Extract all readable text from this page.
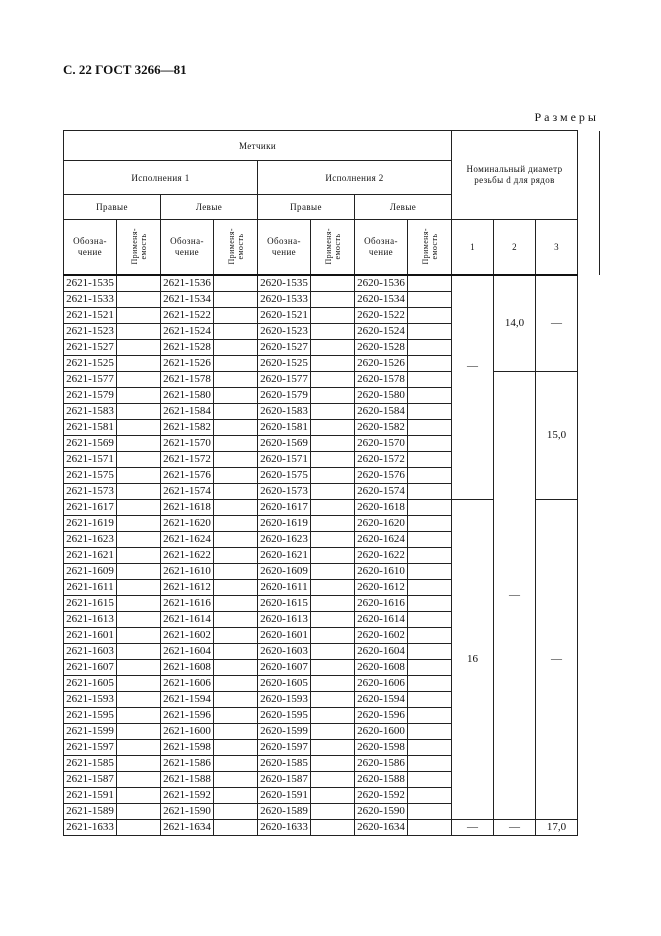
С. 22 ГОСТ 3266—81
Размеры
Метчики								Номинальный диаметр
резьбы d для рядов			
Исполнения 1				Исполнения 2							
Правые		Левые		Правые		Левые					
Обозна-
чение	Применя-
емость	Обозна-
чение	Применя-
емость	Обозна-
чение	Применя-
емость	Обозна-
чение	Применя-
емость	1	2	3	
2621-1535		2621-1536		2620-1535		2620-1536		—	14,0	—	
2621-1533		2621-1534		2620-1533		2620-1534					
2621-1521		2621-1522		2620-1521		2620-1522					
2621-1523		2621-1524		2620-1523		2620-1524					
2621-1527		2621-1528		2620-1527		2620-1528					
2621-1525		2621-1526		2620-1525		2620-1526					
2621-1577		2621-1578		2620-1577		2620-1578			—	15,0	
2621-1579		2621-1580		2620-1579		2620-1580					
2621-1583		2621-1584		2620-1583		2620-1584					
2621-1581		2621-1582		2620-1581		2620-1582					
2621-1569		2621-1570		2620-1569		2620-1570					
2621-1571		2621-1572		2620-1571		2620-1572					
2621-1575		2621-1576		2620-1575		2620-1576					
2621-1573		2621-1574		2620-1573		2620-1574					
2621-1617		2621-1618		2620-1617		2620-1618		16		—	
2621-1619		2621-1620		2620-1619		2620-1620					
2621-1623		2621-1624		2620-1623		2620-1624					
2621-1621		2621-1622		2620-1621		2620-1622					
2621-1609		2621-1610		2620-1609		2620-1610					
2621-1611		2621-1612		2620-1611		2620-1612					
2621-1615		2621-1616		2620-1615		2620-1616					
2621-1613		2621-1614		2620-1613		2620-1614					
2621-1601		2621-1602		2620-1601		2620-1602					
2621-1603		2621-1604		2620-1603		2620-1604					
2621-1607		2621-1608		2620-1607		2620-1608					
2621-1605		2621-1606		2620-1605		2620-1606					
2621-1593		2621-1594		2620-1593		2620-1594					
2621-1595		2621-1596		2620-1595		2620-1596					
2621-1599		2621-1600		2620-1599		2620-1600					
2621-1597		2621-1598		2620-1597		2620-1598					
2621-1585		2621-1586		2620-1585		2620-1586					
2621-1587		2621-1588		2620-1587		2620-1588					
2621-1591		2621-1592		2620-1591		2620-1592					
2621-1589		2621-1590		2620-1589		2620-1590					
2621-1633		2621-1634		2620-1633		2620-1634		—	—	17,0	
